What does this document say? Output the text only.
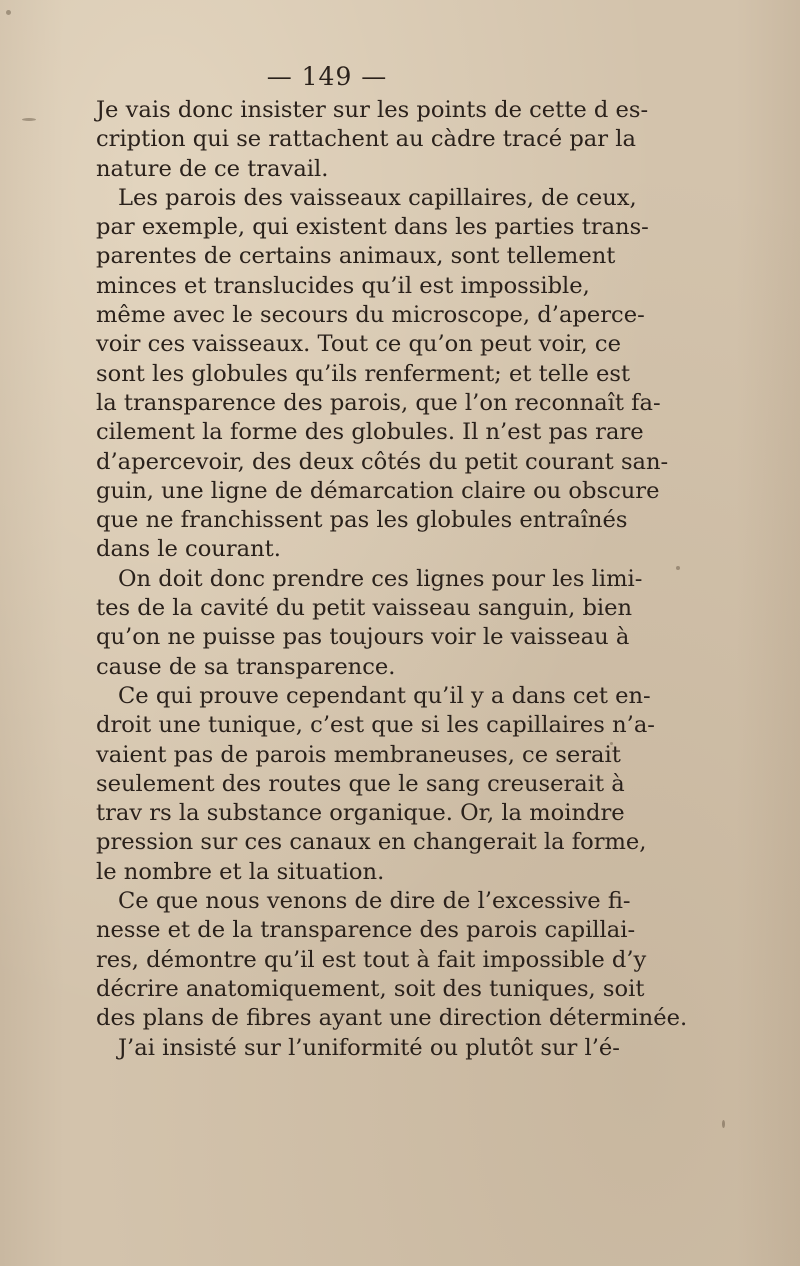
— 149 —
Je vais donc insister sur les points de cette d es-
cription qui se rattachent au càdre tracé par la
nature de ce travail.
Les parois des vaisseaux capillaires, de ceux,
par exemple, qui existent dans les parties trans-
parentes de certains animaux, sont tellement
minces et translucides qu’il est impossible,
même avec le secours du microscope, d’aperce-
voir ces vaisseaux. Tout ce qu’on peut voir, ce
sont les globules qu’ils renferment; et telle est
la transparence des parois, que l’on reconnaît fa-
cilement la forme des globules. Il n’est pas rare
d’apercevoir, des deux côtés du petit courant san-
guin, une ligne de démarcation claire ou obscure
que ne franchissent pas les globules entraînés
dans le courant.
On doit donc prendre ces lignes pour les limi-
tes de la cavité du petit vaisseau sanguin, bien
qu’on ne puisse pas toujours voir le vaisseau à
cause de sa transparence.
Ce qui prouve cependant qu’il y a dans cet en-
droit une tunique, c’est que si les capillaires n’a-
vaient pas de parois membraneuses, ce serait
seulement des routes que le sang creuserait à
trav rs la substance organique. Or, la moindre
pression sur ces canaux en changerait la forme,
le nombre et la situation.
Ce que nous venons de dire de l’excessive fi-
nesse et de la transparence des parois capillai-
res, démontre qu’il est tout à fait impossible d’y
décrire anatomiquement, soit des tuniques, soit
des plans de fibres ayant une direction déterminée.
J’ai insisté sur l’uniformité ou plutôt sur l’é-
